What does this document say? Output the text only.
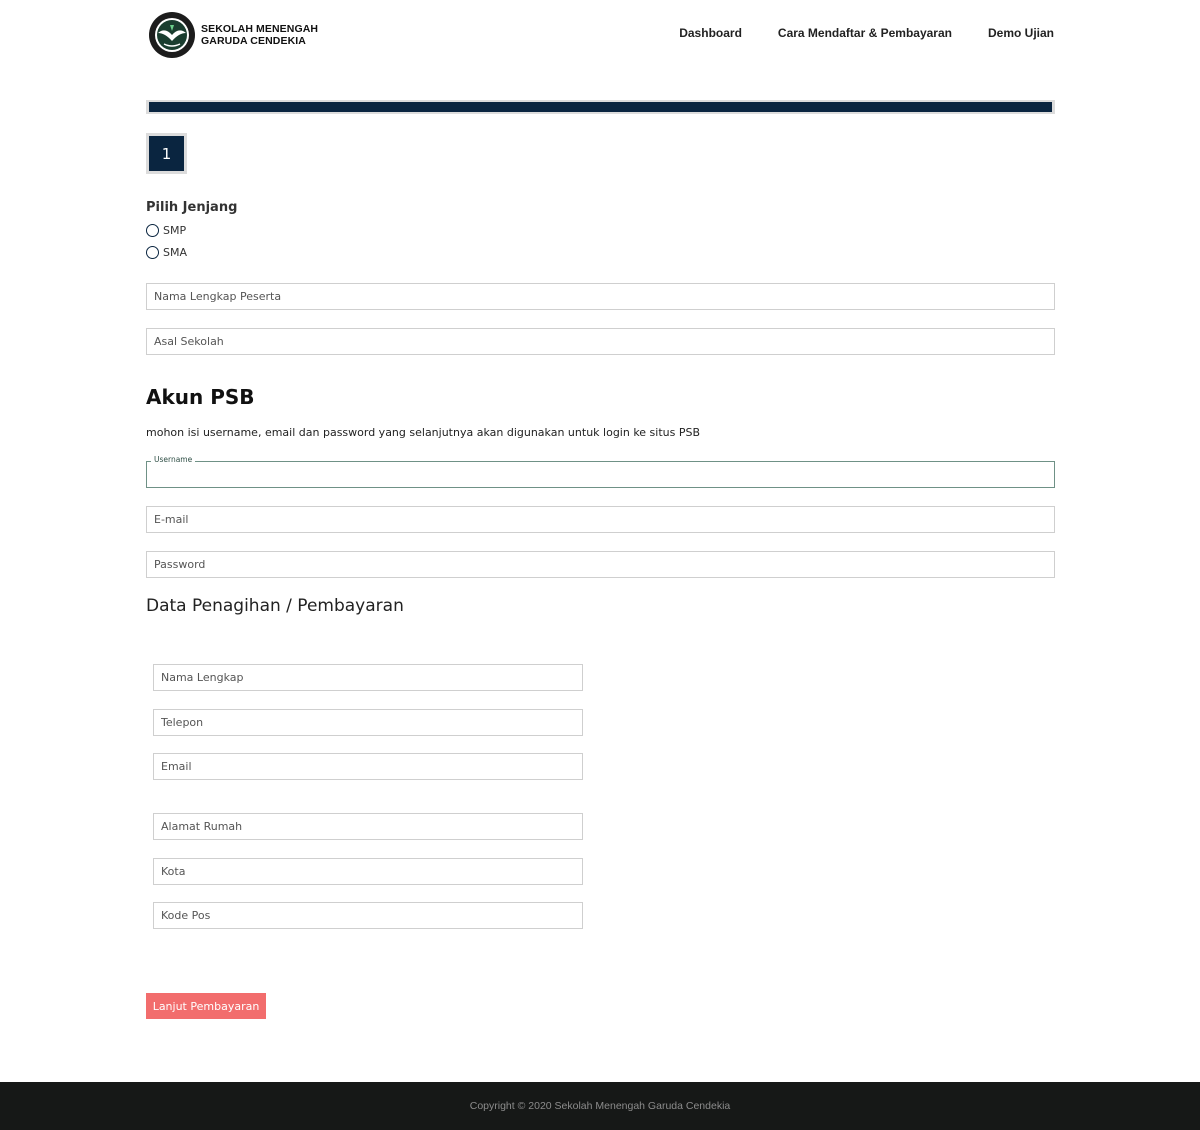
SEKOLAH MENENGAH
GARUDA CENDEKIA
Dashboard	Cara Mendaftar & Pembayaran	Demo Ujian
1
Pilih Jenjang
SMP
SMA
Nama Lengkap Peserta
Asal Sekolah
Akun PSB
mohon isi username, email dan password yang selanjutnya akan digunakan untuk login ke situs PSB
Username
E-mail
Data Penagihan / Pembayaran
Nama Lengkap
Telepon
Email
Alamat Rumah
Kota
Kode Pos
Lanjut Pembayaran
Copyright © 2020 Sekolah Menengah Garuda Cendekia
